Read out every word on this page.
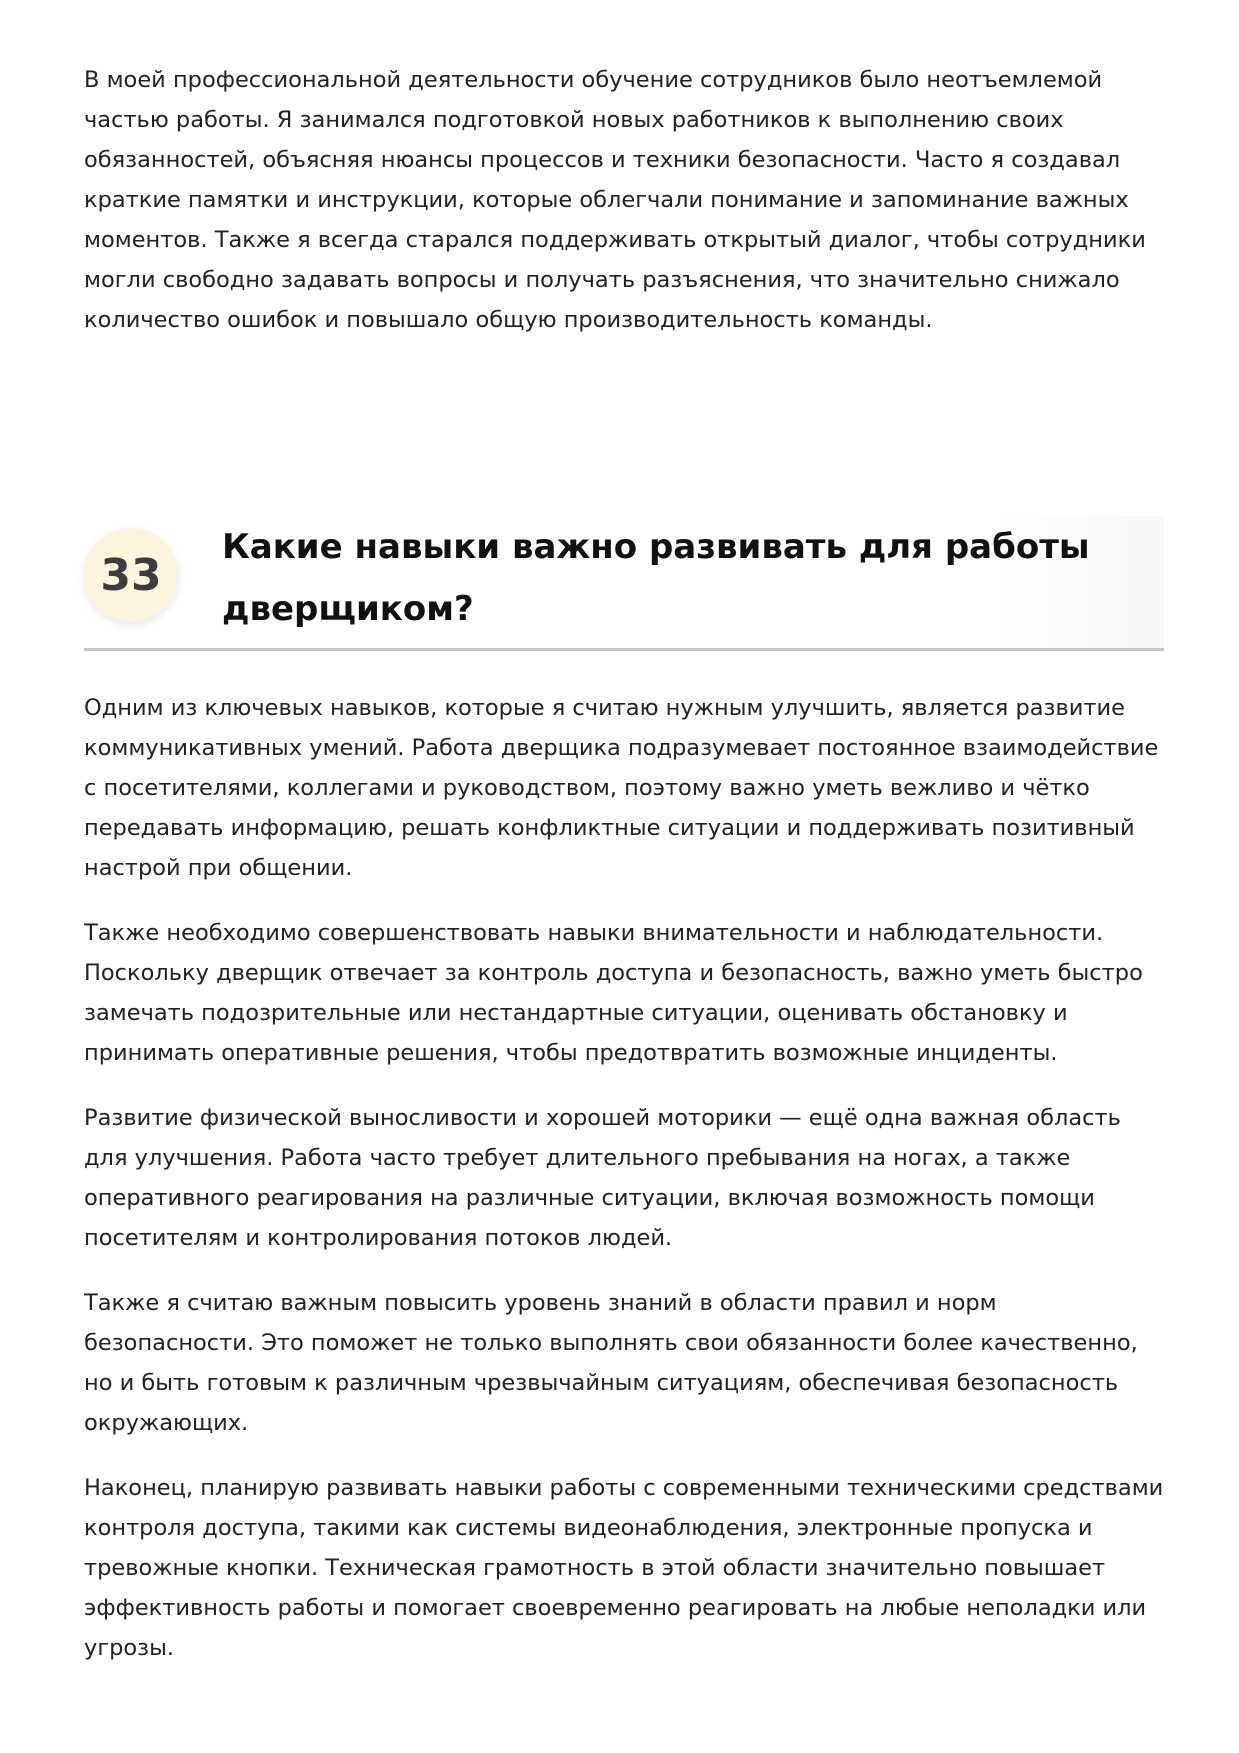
В моей профессиональной деятельности обучение сотрудников было неотъемлемой частью работы. Я занимался подготовкой новых работников к выполнению своих обязанностей, объясняя нюансы процессов и техники безопасности. Часто я создавал краткие памятки и инструкции, которые облегчали понимание и запоминание важных моментов. Также я всегда старался поддерживать открытый диалог, чтобы сотрудники могли свободно задавать вопросы и получать разъяснения, что значительно снижало количество ошибок и повышало общую производительность команды.

33
Какие навыки важно развивать для работы дверщиком?

Одним из ключевых навыков, которые я считаю нужным улучшить, является развитие коммуникативных умений. Работа дверщика подразумевает постоянное взаимодействие с посетителями, коллегами и руководством, поэтому важно уметь вежливо и чётко передавать информацию, решать конфликтные ситуации и поддерживать позитивный настрой при общении.

Также необходимо совершенствовать навыки внимательности и наблюдательности. Поскольку дверщик отвечает за контроль доступа и безопасность, важно уметь быстро замечать подозрительные или нестандартные ситуации, оценивать обстановку и принимать оперативные решения, чтобы предотвратить возможные инциденты.

Развитие физической выносливости и хорошей моторики — ещё одна важная область для улучшения. Работа часто требует длительного пребывания на ногах, а также оперативного реагирования на различные ситуации, включая возможность помощи посетителям и контролирования потоков людей.

Также я считаю важным повысить уровень знаний в области правил и норм безопасности. Это поможет не только выполнять свои обязанности более качественно, но и быть готовым к различным чрезвычайным ситуациям, обеспечивая безопасность окружающих.

Наконец, планирую развивать навыки работы с современными техническими средствами контроля доступа, такими как системы видеонаблюдения, электронные пропуска и тревожные кнопки. Техническая грамотность в этой области значительно повышает эффективность работы и помогает своевременно реагировать на любые неполадки или угрозы.
